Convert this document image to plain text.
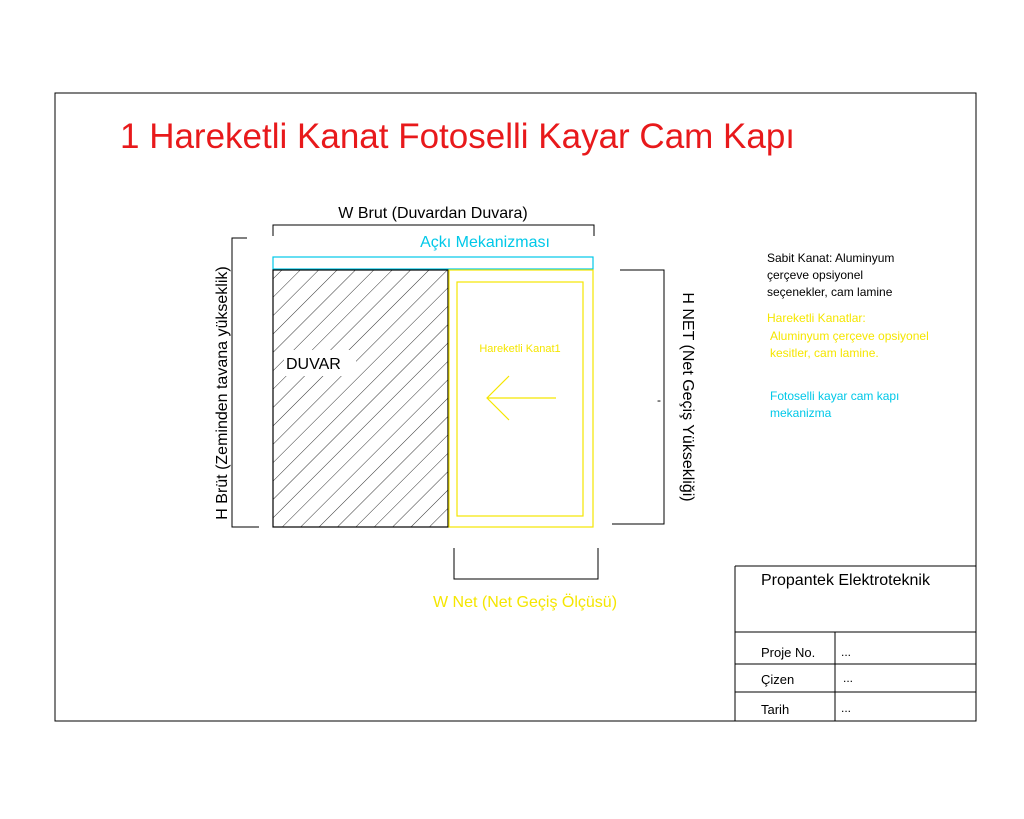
1 Hareketli Kanat Fotoselli Kayar Cam Kapı
W Brut (Duvardan Duvara)
Açkı Mekanizması
DUVAR
Hareketli Kanat1
H Brüt (Zeminden tavana yükseklik)	H NET (Net Geçiş Yüksekliği)
-
W Net (Net Geçiş Ölçüsü)
Sabit Kanat: Aluminyum
çerçeve opsiyonel
seçenekler, cam lamine
Hareketli Kanatlar:
Aluminyum çerçeve opsiyonel
kesitler, cam lamine.
Fotoselli kayar cam kapı
mekanizma
Propantek Elektroteknik
Proje No. ...
Çizen	...
Tarih	...
